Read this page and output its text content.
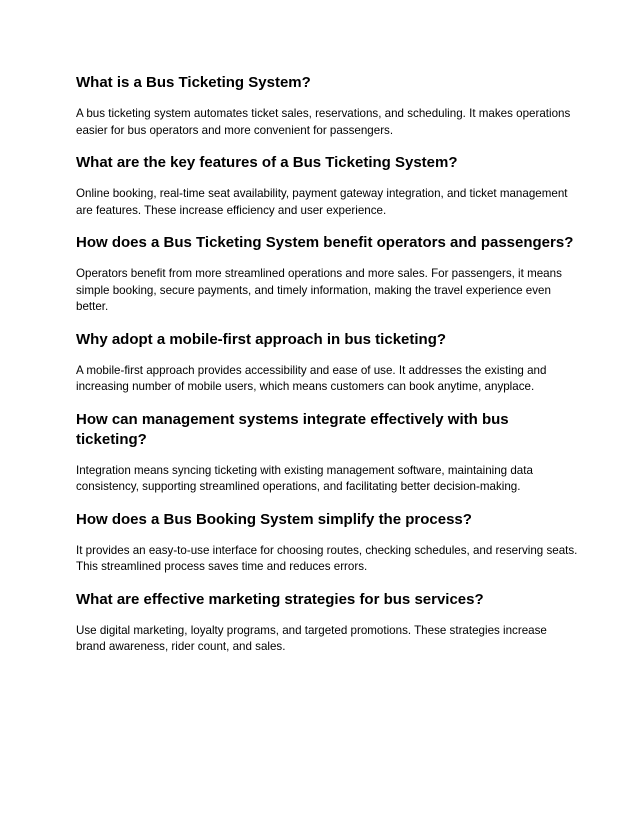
What is a Bus Ticketing System?

A bus ticketing system automates ticket sales, reservations, and scheduling. It makes operations easier for bus operators and more convenient for passengers.

What are the key features of a Bus Ticketing System?

Online booking, real-time seat availability, payment gateway integration, and ticket management are features. These increase efficiency and user experience.

How does a Bus Ticketing System benefit operators and passengers?

Operators benefit from more streamlined operations and more sales. For passengers, it means simple booking, secure payments, and timely information, making the travel experience even better.

Why adopt a mobile-first approach in bus ticketing?

A mobile-first approach provides accessibility and ease of use. It addresses the existing and increasing number of mobile users, which means customers can book anytime, anyplace.

How can management systems integrate effectively with bus ticketing?

Integration means syncing ticketing with existing management software, maintaining data consistency, supporting streamlined operations, and facilitating better decision-making.

How does a Bus Booking System simplify the process?

It provides an easy-to-use interface for choosing routes, checking schedules, and reserving seats. This streamlined process saves time and reduces errors.

What are effective marketing strategies for bus services?

Use digital marketing, loyalty programs, and targeted promotions. These strategies increase brand awareness, rider count, and sales.
